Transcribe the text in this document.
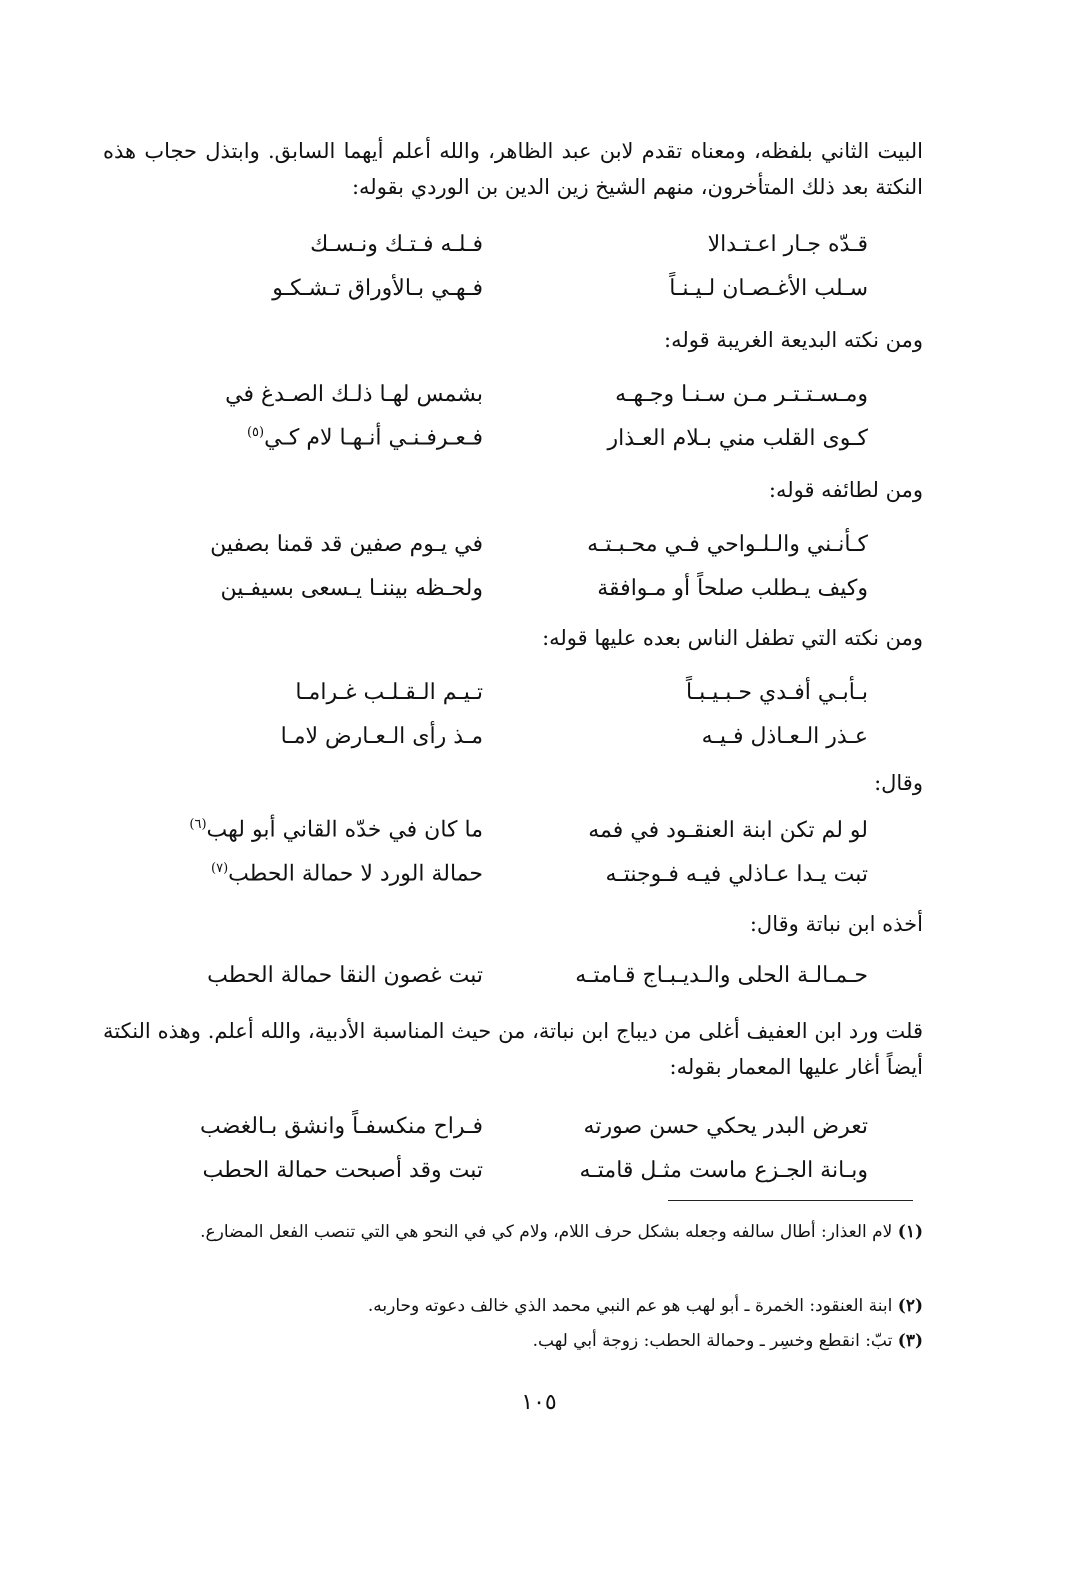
البيت الثاني بلفظه، ومعناه تقدم لابن عبد الظاهر، والله أعلم أيهما السابق. وابتذل حجاب هذه النكتة بعد ذلك المتأخرون، منهم الشيخ زين الدين بن الوردي بقوله:

قـدّه جـار اعـتـدالا
فـلـه فـتـك ونـسـك
سـلب الأغـصـان لـيـنـاً
فـهـي بـالأوراق تـشـكـو
ومن نكته البديعة الغريبة قوله:
ومـسـتـتـر مـن سـنـا وجـهـه
بشمس لهـا ذلـك الصـدغ في
كـوى القلب مني بـلام العـذار
فـعـرفـنـي أنـهـا لام كـي$^{(٥)}$
ومن لطائفه قوله:
كـأنـني والـلـواحي فـي محـبـتـه
في يـوم صفين قد قمنا بصفين
وكيف يـطلب صلحاً أو مـوافقة
ولحـظه بيننـا يـسعى بسيفـين
ومن نكته التي تطفل الناس بعده عليها قوله:
بـأبـي أفـدي حـبـيـبـاً
تـيـم الـقـلـب غـرامـا
عـذر الـعـاذل فـيـه
مـذ رأى الـعـارض لامـا
وقال:
لو لم تكن ابنة العنقـود في فمه
ما كان في خدّه القاني أبو لهب$^{(٦)}$
تبت يـدا عـاذلي فيـه فـوجنتـه
حمالة الورد لا حمالة الحطب$^{(٧)}$
أخذه ابن نباتة وقال:
حـمـالـة الحلى والـديـبـاج قـامتـه
تبت غصون النقا حمالة الحطب

قلت ورد ابن العفيف أغلى من ديباج ابن نباتة، من حيث المناسبة الأدبية، والله أعلم. وهذه النكتة أيضاً أغار عليها المعمار بقوله:

تعرض البدر يحكي حسن صورته
فـراح منكسفـاً وانشق بـالغضب
وبـانة الجـزع ماست مثـل قامتـه
تبت وقد أصبحت حمالة الحطب
(١) لام العذار: أطال سالفه وجعله بشكل حرف اللام، ولام كي في النحو هي التي تنصب الفعل المضارع.
(٢) ابنة العنقود: الخمرة ـ أبو لهب هو عم النبي محمد الذي خالف دعوته وحاربه.
(٣) تبّ: انقطع وخسِر ـ وحمالة الحطب: زوجة أبي لهب.
١٠٥
